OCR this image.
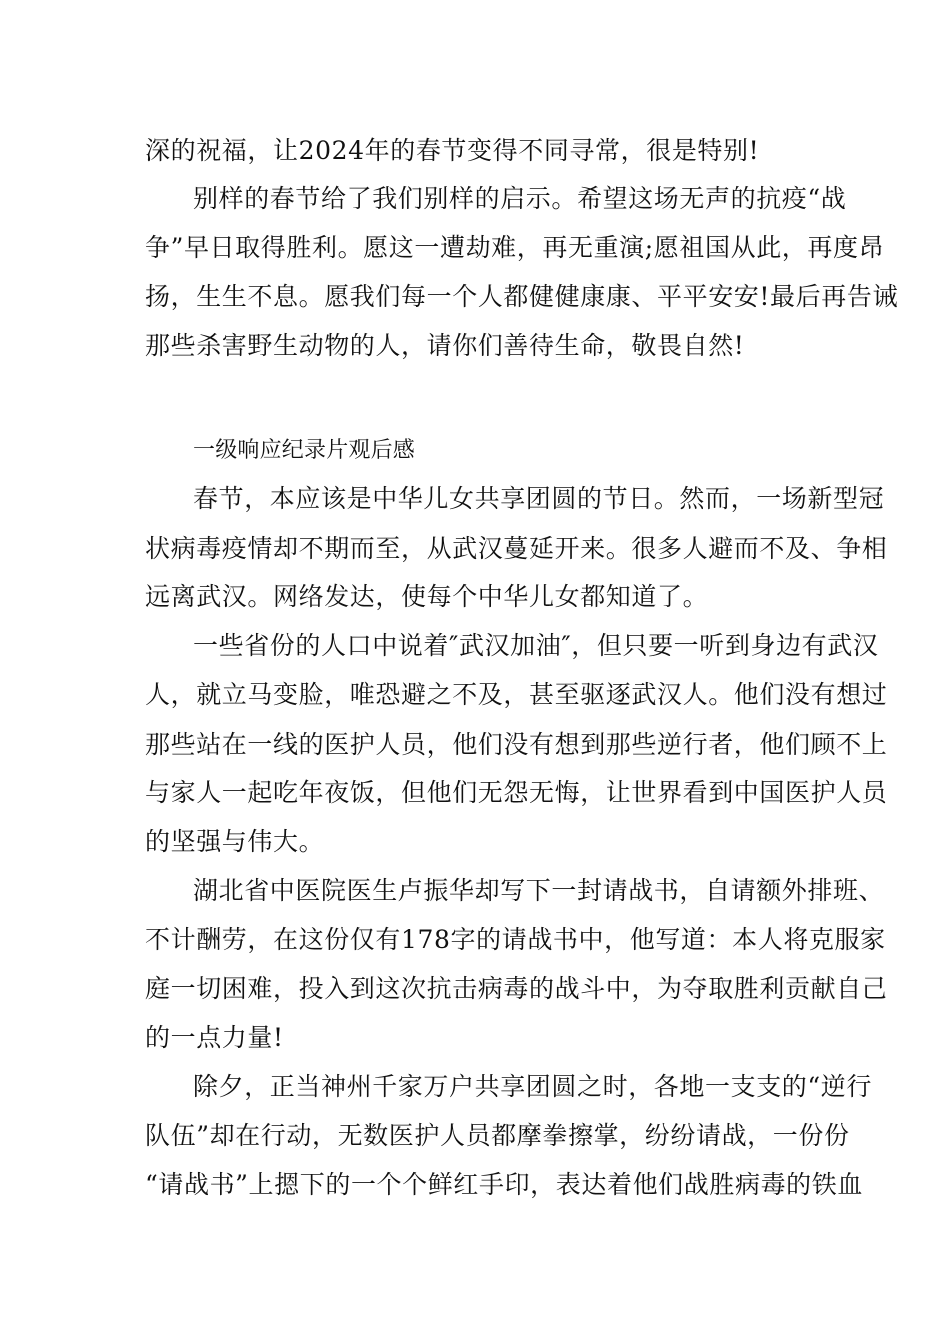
深的祝福，让2024年的春节变得不同寻常，很是特别!
别样的春节给了我们别样的启示。希望这场无声的抗疫“战
争”早日取得胜利。愿这一遭劫难，再无重演;愿祖国从此，再度昂
扬，生生不息。愿我们每一个人都健健康康、平平安安!最后再告诫
那些杀害野生动物的人，请你们善待生命，敬畏自然!
一级响应纪录片观后感
春节，本应该是中华儿女共享团圆的节日。然而，一场新型冠
状病毒疫情却不期而至，从武汉蔓延开来。很多人避而不及、争相
远离武汉。网络发达，使每个中华儿女都知道了。
一些省份的人口中说着″武汉加油″，但只要一听到身边有武汉
人，就立马变脸，唯恐避之不及，甚至驱逐武汉人。他们没有想过
那些站在一线的医护人员，他们没有想到那些逆行者，他们顾不上
与家人一起吃年夜饭，但他们无怨无悔，让世界看到中国医护人员
的坚强与伟大。
湖北省中医院医生卢振华却写下一封请战书，自请额外排班、
不计酬劳，在这份仅有178字的请战书中，他写道：本人将克服家
庭一切困难，投入到这次抗击病毒的战斗中，为夺取胜利贡献自己
的一点力量!
除夕，正当神州千家万户共享团圆之时，各地一支支的“逆行
队伍”却在行动，无数医护人员都摩拳擦掌，纷纷请战，一份份
“请战书”上摁下的一个个鲜红手印，表达着他们战胜病毒的铁血
